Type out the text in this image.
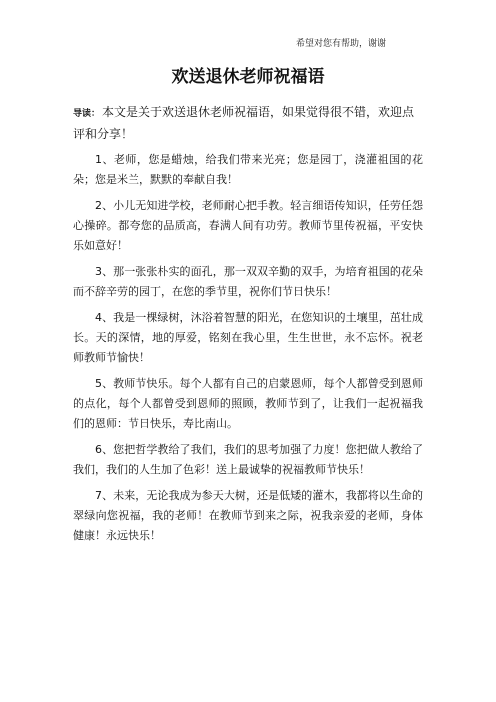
希望对您有帮助，谢谢
欢送退休老师祝福语

导读： 本文是关于欢送退休老师祝福语，如果觉得很不错，欢迎点评和分享！

1、老师，您是蜡烛，给我们带来光亮；您是园丁，浇灌祖国的花朵；您是米兰，默默的奉献自我！

2、小儿无知进学校，老师耐心把手教。轻言细语传知识，任劳任怨心操碎。都夸您的品质高，春满人间有功劳。教师节里传祝福，平安快乐如意好！

3、那一张张朴实的面孔，那一双双辛勤的双手，为培育祖国的花朵而不辞辛劳的园丁，在您的季节里，祝你们节日快乐！

4、我是一棵绿树，沐浴着智慧的阳光，在您知识的土壤里，茁壮成长。天的深情，地的厚爱，铭刻在我心里，生生世世，永不忘怀。祝老师教师节愉快！

5、教师节快乐。每个人都有自己的启蒙恩师，每个人都曾受到恩师的点化，每个人都曾受到恩师的照顾，教师节到了，让我们一起祝福我们的恩师：节日快乐，寿比南山。

6、您把哲学教给了我们，我们的思考加强了力度！您把做人教给了我们，我们的人生加了色彩！送上最诚挚的祝福教师节快乐！

7、未来，无论我成为参天大树，还是低矮的灌木，我都将以生命的翠绿向您祝福，我的老师！在教师节到来之际，祝我亲爱的老师，身体健康！永远快乐！
